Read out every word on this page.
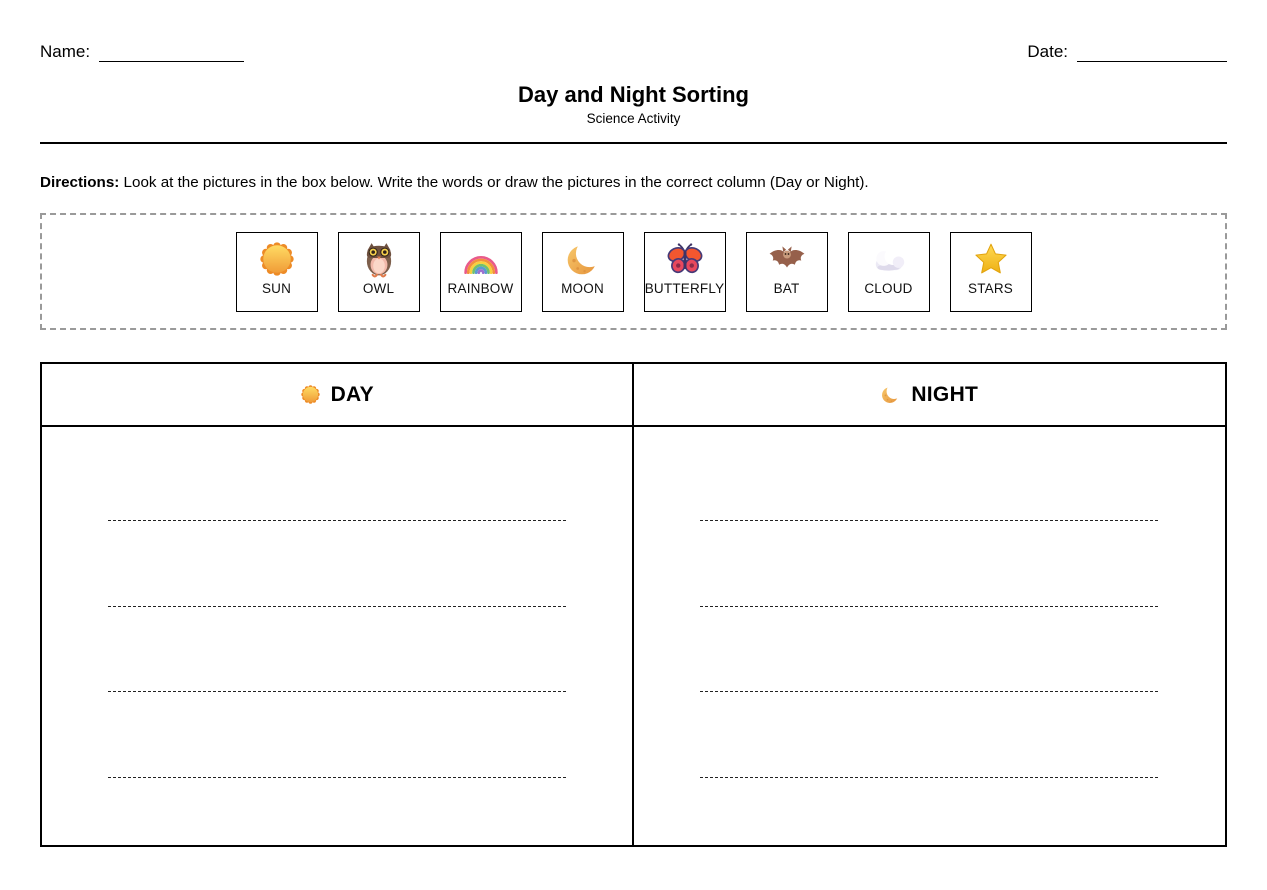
Name:	Date:
Day and Night Sorting
Science Activity

Directions: Look at the pictures in the box below. Write the words or draw the pictures in the correct column (Day or Night).

SUN	OWL	RAINBOW	MOON	BUTTERFLY	BAT	CLOUD	STARS
DAY	NIGHT
